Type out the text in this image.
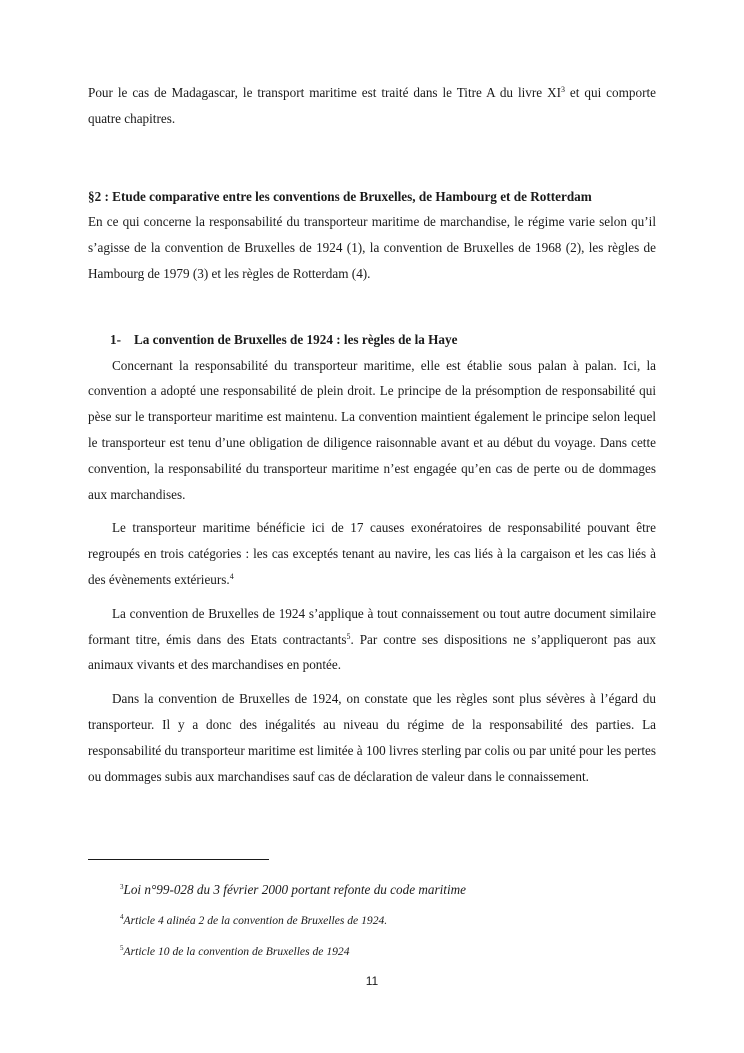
Pour le cas de Madagascar, le transport maritime est traité dans le Titre A du livre $XI^3$ et qui comporte quatre chapitres.

§2 : Etude comparative entre les conventions de Bruxelles, de Hambourg et de Rotterdam

En ce qui concerne la responsabilité du transporteur maritime de marchandise, le régime varie selon qu’il s’agisse de la convention de Bruxelles de 1924 (1), la convention de Bruxelles de 1968 (2), les règles de Hambourg de 1979 (3) et les règles de Rotterdam (4).

1- La convention de Bruxelles de 1924 : les règles de la Haye

Concernant la responsabilité du transporteur maritime, elle est établie sous palan à palan. Ici, la convention a adopté une responsabilité de plein droit. Le principe de la présomption de responsabilité qui pèse sur le transporteur maritime est maintenu. La convention maintient également le principe selon lequel le transporteur est tenu d’une obligation de diligence raisonnable avant et au début du voyage. Dans cette convention, la responsabilité du transporteur maritime n’est engagée qu’en cas de perte ou de dommages aux marchandises.

Le transporteur maritime bénéficie ici de 17 causes exonératoires de responsabilité pouvant être regroupés en trois catégories : les cas exceptés tenant au navire, les cas liés à la cargaison et les cas liés à des évènements extérieurs.$^4$

La convention de Bruxelles de 1924 s’applique à tout connaissement ou tout autre document similaire formant titre, émis dans des Etats contractants$^5$. Par contre ses dispositions ne s’appliqueront pas aux animaux vivants et des marchandises en pontée.

Dans la convention de Bruxelles de 1924, on constate que les règles sont plus sévères à l’égard du transporteur. Il y a donc des inégalités au niveau du régime de la responsabilité des parties. La responsabilité du transporteur maritime est limitée à 100 livres sterling par colis ou par unité pour les pertes ou dommages subis aux marchandises sauf cas de déclaration de valeur dans le connaissement.

$^3$Loi n°99-028 du 3 février 2000 portant refonte du code maritime
$^4$Article 4 alinéa 2 de la convention de Bruxelles de 1924.
$^5$Article 10 de la convention de Bruxelles de 1924
11
